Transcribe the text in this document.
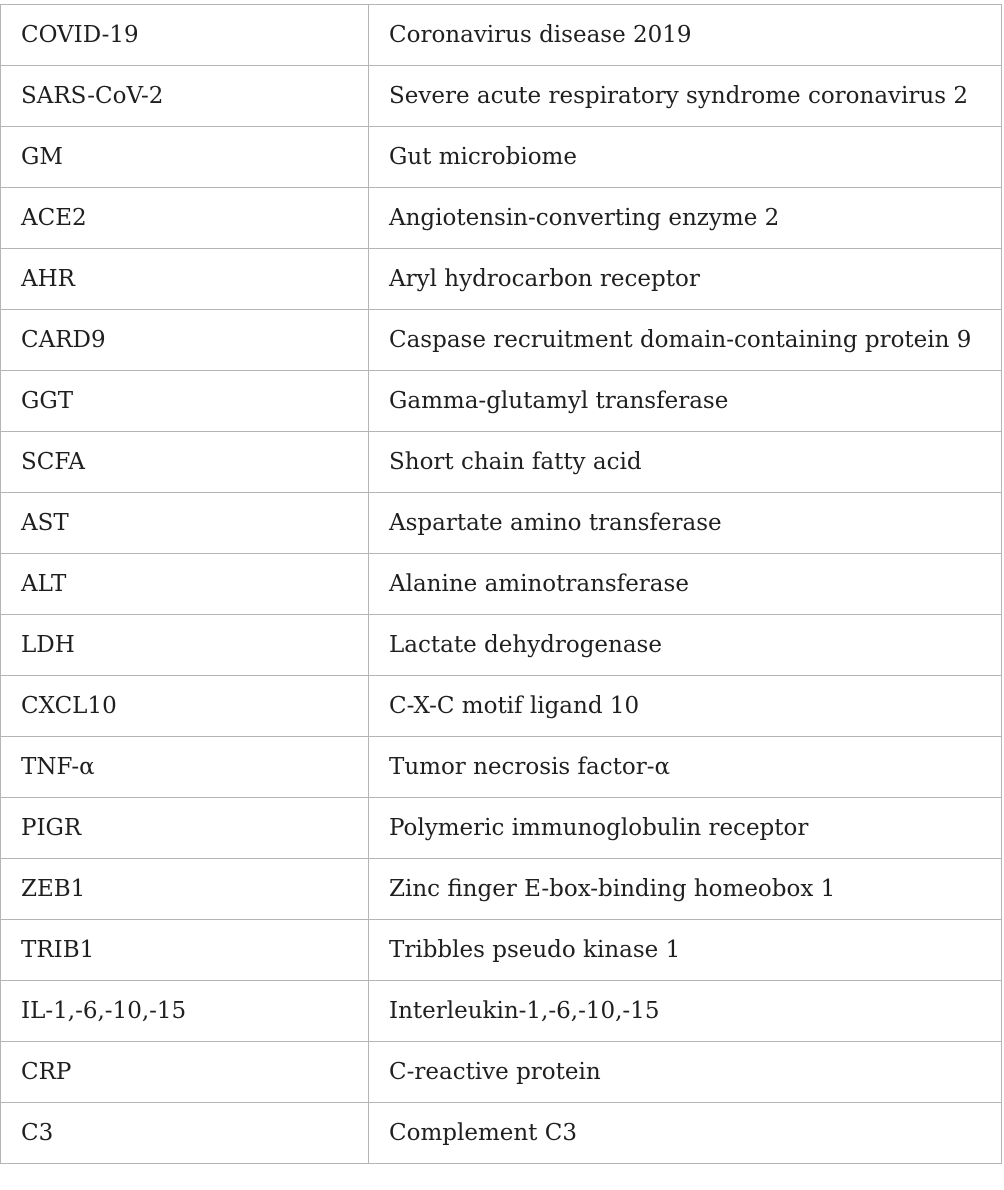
COVID-19	Coronavirus disease 2019
SARS-CoV-2	Severe acute respiratory syndrome coronavirus 2
GM	Gut microbiome
ACE2	Angiotensin-converting enzyme 2
AHR	Aryl hydrocarbon receptor
CARD9	Caspase recruitment domain-containing protein 9
GGT	Gamma-glutamyl transferase
SCFA	Short chain fatty acid
AST	Aspartate amino transferase
ALT	Alanine aminotransferase
LDH	Lactate dehydrogenase
CXCL10	C-X-C motif ligand 10
TNF-α	Tumor necrosis factor-α
PIGR	Polymeric immunoglobulin receptor
ZEB1	Zinc finger E-box-binding homeobox 1
TRIB1	Tribbles pseudo kinase 1
IL-1,-6,-10,-15	Interleukin-1,-6,-10,-15
CRP	C-reactive protein
C3	Complement C3
